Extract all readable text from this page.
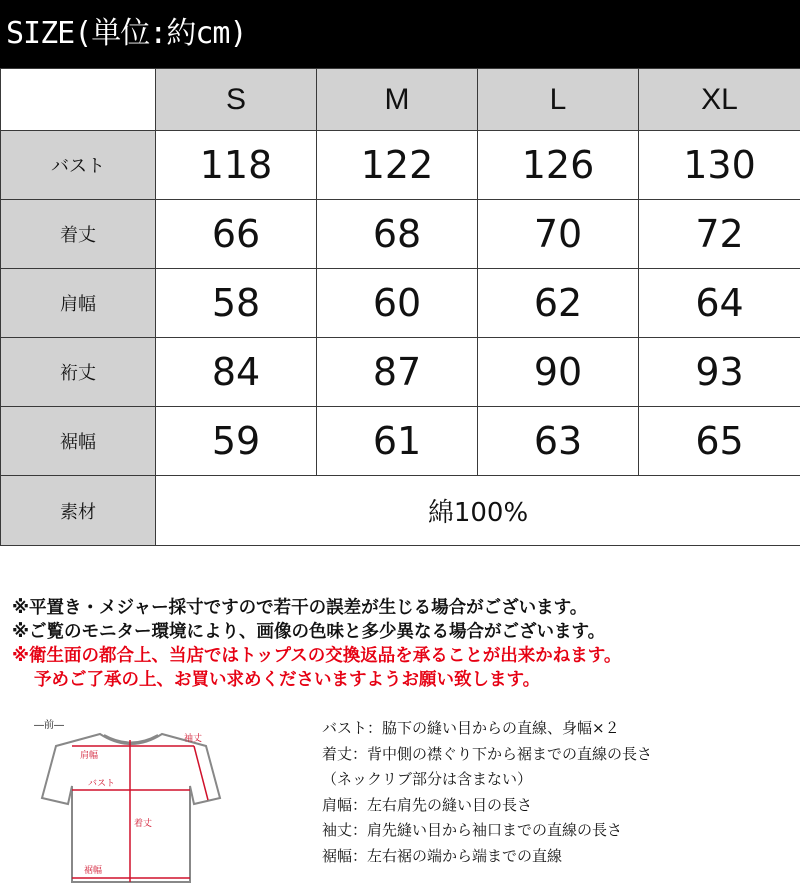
SIZE(単位:約cm)
	S	M	L	XL
バスト	118	122	126	130
着丈	66	68	70	72
肩幅	58	60	62	64
裄丈	84	87	90	93
裾幅	59	61	63	65
素材	綿100%			
※平置き・メジャー採寸ですので若干の誤差が生じる場合がございます。
※ご覧のモニター環境により、画像の色味と多少異なる場合がございます。
※衛生面の都合上、当店ではトップスの交換返品を承ることが出来かねます。
予めご了承の上、お買い求めくださいますようお願い致します。
―前―
肩幅
袖丈
バスト
着丈
裾幅
バスト：脇下の縫い目からの直線、身幅×２
着丈：背中側の襟ぐり下から裾までの直線の長さ
（ネックリブ部分は含まない）
肩幅：左右肩先の縫い目の長さ
袖丈：肩先縫い目から袖口までの直線の長さ
裾幅：左右裾の端から端までの直線
